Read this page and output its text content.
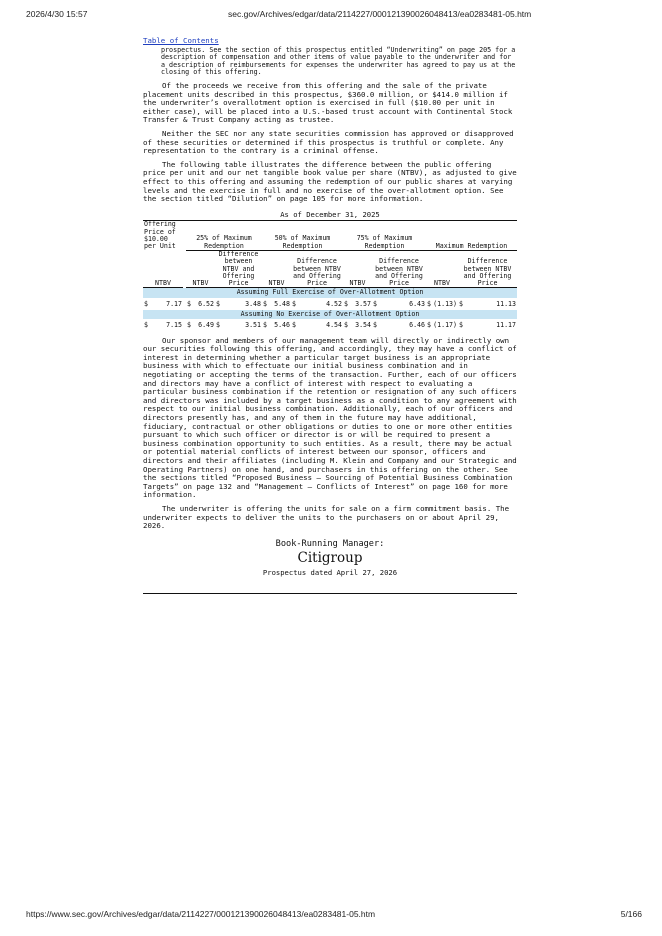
2026/4/30 15:57	sec.gov/Archives/edgar/data/2114227/000121390026048413/ea0283481-05.htm
Table of Contents
prospectus. See the section of this prospectus entitled “Underwriting” on page 205 for a description of compensation and other items of value payable to the underwriter and for a description of reimbursements for expenses the underwriter has agreed to pay us at the closing of this offering.

Of the proceeds we receive from this offering and the sale of the private placement units described in this prospectus, $360.0 million, or $414.0 million if the underwriter’s overallotment option is exercised in full ($10.00 per unit in either case), will be placed into a U.S.-based trust account with Continental Stock Transfer & Trust Company acting as trustee.

Neither the SEC nor any state securities commission has approved or disapproved of these securities or determined if this prospectus is truthful or complete. Any representation to the contrary is a criminal offense.

The following table illustrates the difference between the public offering price per unit and our net tangible book value per share (NTBV), as adjusted to give effect to this offering and assuming the redemption of our public shares at varying levels and the exercise in full and no exercise of the over-allotment option. See the section titled “Dilution” on page 105 for more information.

As of December 31, 2025
Offering Price of $10.00 per Unit		25% of Maximum Redemption		50% of Maximum Redemption		75% of Maximum Redemption		Maximum Redemption	
NTBV		NTBV	Difference between NTBV and Offering Price	NTBV	Difference between NTBV and Offering Price	NTBV	Difference between NTBV and Offering Price	NTBV	Difference between NTBV and Offering Price
Assuming Full Exercise of Over-Allotment Option									

$ 7.17		$ 6.52	$ 3.48	$ 5.48	$ 4.52	$ 3.57	$ 6.43	$ (1.13)	$ 11.13
Assuming No Exercise of Over-Allotment Option									

$ 7.15		$ 6.49	$ 3.51	$ 5.46	$ 4.54	$ 3.54	$ 6.46	$ (1.17)	$ 11.17

Our sponsor and members of our management team will directly or indirectly own our securities following this offering, and accordingly, they may have a conflict of interest in determining whether a particular target business is an appropriate business with which to effectuate our initial business combination and in negotiating or accepting the terms of the transaction. Further, each of our officers and directors may have a conflict of interest with respect to evaluating a particular business combination if the retention or resignation of any such officers and directors was included by a target business as a condition to any agreement with respect to our initial business combination. Additionally, each of our officers and directors presently has, and any of them in the future may have additional, fiduciary, contractual or other obligations or duties to one or more other entities pursuant to which such officer or director is or will be required to present a business combination opportunity to such entities. As a result, there may be actual or potential material conflicts of interest between our sponsor, officers and directors and their affiliates (including M. Klein and Company and our Strategic and Operating Partners) on one hand, and purchasers in this offering on the other. See the sections titled “Proposed Business — Sourcing of Potential Business Combination Targets” on page 132 and “Management — Conflicts of Interest” on page 160 for more information.

The underwriter is offering the units for sale on a firm commitment basis. The underwriter expects to deliver the units to the purchasers on or about April 29, 2026.

Book-Running Manager:
Citigroup
Prospectus dated April 27, 2026
https://www.sec.gov/Archives/edgar/data/2114227/000121390026048413/ea0283481-05.htm	5/166
